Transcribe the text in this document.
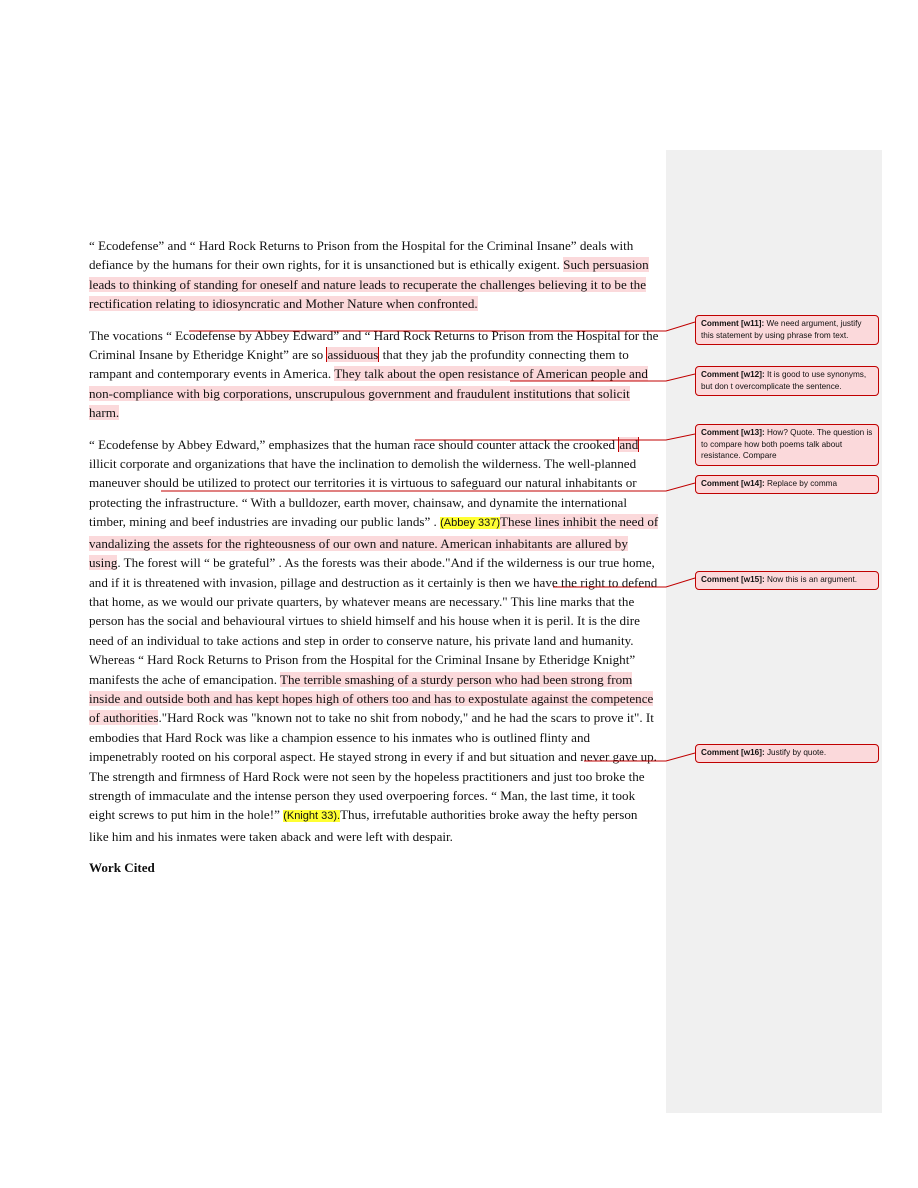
“ Ecodefense” and “ Hard Rock Returns to Prison from the Hospital for the Criminal Insane” deals with defiance by the humans for their own rights, for it is unsanctioned but is ethically exigent. Such persuasion leads to thinking of standing for oneself and nature leads to recuperate the challenges believing it to be the rectification relating to idiosyncratic and Mother Nature when confronted.

The vocations “ Ecodefense by Abbey Edward” and “ Hard Rock Returns to Prison from the Hospital for the Criminal Insane by Etheridge Knight” are so assiduous that they jab the profundity connecting them to rampant and contemporary events in America. They talk about the open resistance of American people and non-compliance with big corporations, unscrupulous government and fraudulent institutions that solicit harm.

“ Ecodefense by Abbey Edward,” emphasizes that the human race should counter attack the crooked and illicit corporate and organizations that have the inclination to demolish the wilderness. The well-planned maneuver should be utilized to protect our territories it is virtuous to safeguard our natural inhabitants or protecting the infrastructure. “ With a bulldozer, earth mover, chainsaw, and dynamite the international timber, mining and beef industries are invading our public lands” . (Abbey 337)These lines inhibit the need of vandalizing the assets for the righteousness of our own and nature. American inhabitants are allured by using. The forest will “ be grateful” . As the forests was their abode."And if the wilderness is our true home, and if it is threatened with invasion, pillage and destruction as it certainly is then we have the right to defend that home, as we would our private quarters, by whatever means are necessary." This line marks that the person has the social and behavioural virtues to shield himself and his house when it is peril. It is the dire need of an individual to take actions and step in order to conserve nature, his private land and humanity. Whereas “ Hard Rock Returns to Prison from the Hospital for the Criminal Insane by Etheridge Knight” manifests the ache of emancipation. The terrible smashing of a sturdy person who had been strong from inside and outside both and has kept hopes high of others too and has to expostulate against the competence of authorities."Hard Rock was "known not to take no shit from nobody," and he had the scars to prove it". It embodies that Hard Rock was like a champion essence to his inmates who is outlined flinty and impenetrably rooted on his corporal aspect. He stayed strong in every if and but situation and never gave up. The strength and firmness of Hard Rock were not seen by the hopeless practitioners and just too broke the strength of immaculate and the intense person they used overpoering forces. “ Man, the last time, it took eight screws to put him in the hole!” (Knight 33).Thus, irrefutable authorities broke away the hefty person like him and his inmates were taken aback and were left with despair.

Work Cited

Comment [w11]: We need argument, justify this statement by using phrase from text.
Comment [w12]: It is good to use synonyms, but don t overcomplicate the sentence.
Comment [w13]: How? Quote. The question is to compare how both poems talk about resistance. Compare
Comment [w14]: Replace by comma
Comment [w15]: Now this is an argument.
Comment [w16]: Justify by quote.
